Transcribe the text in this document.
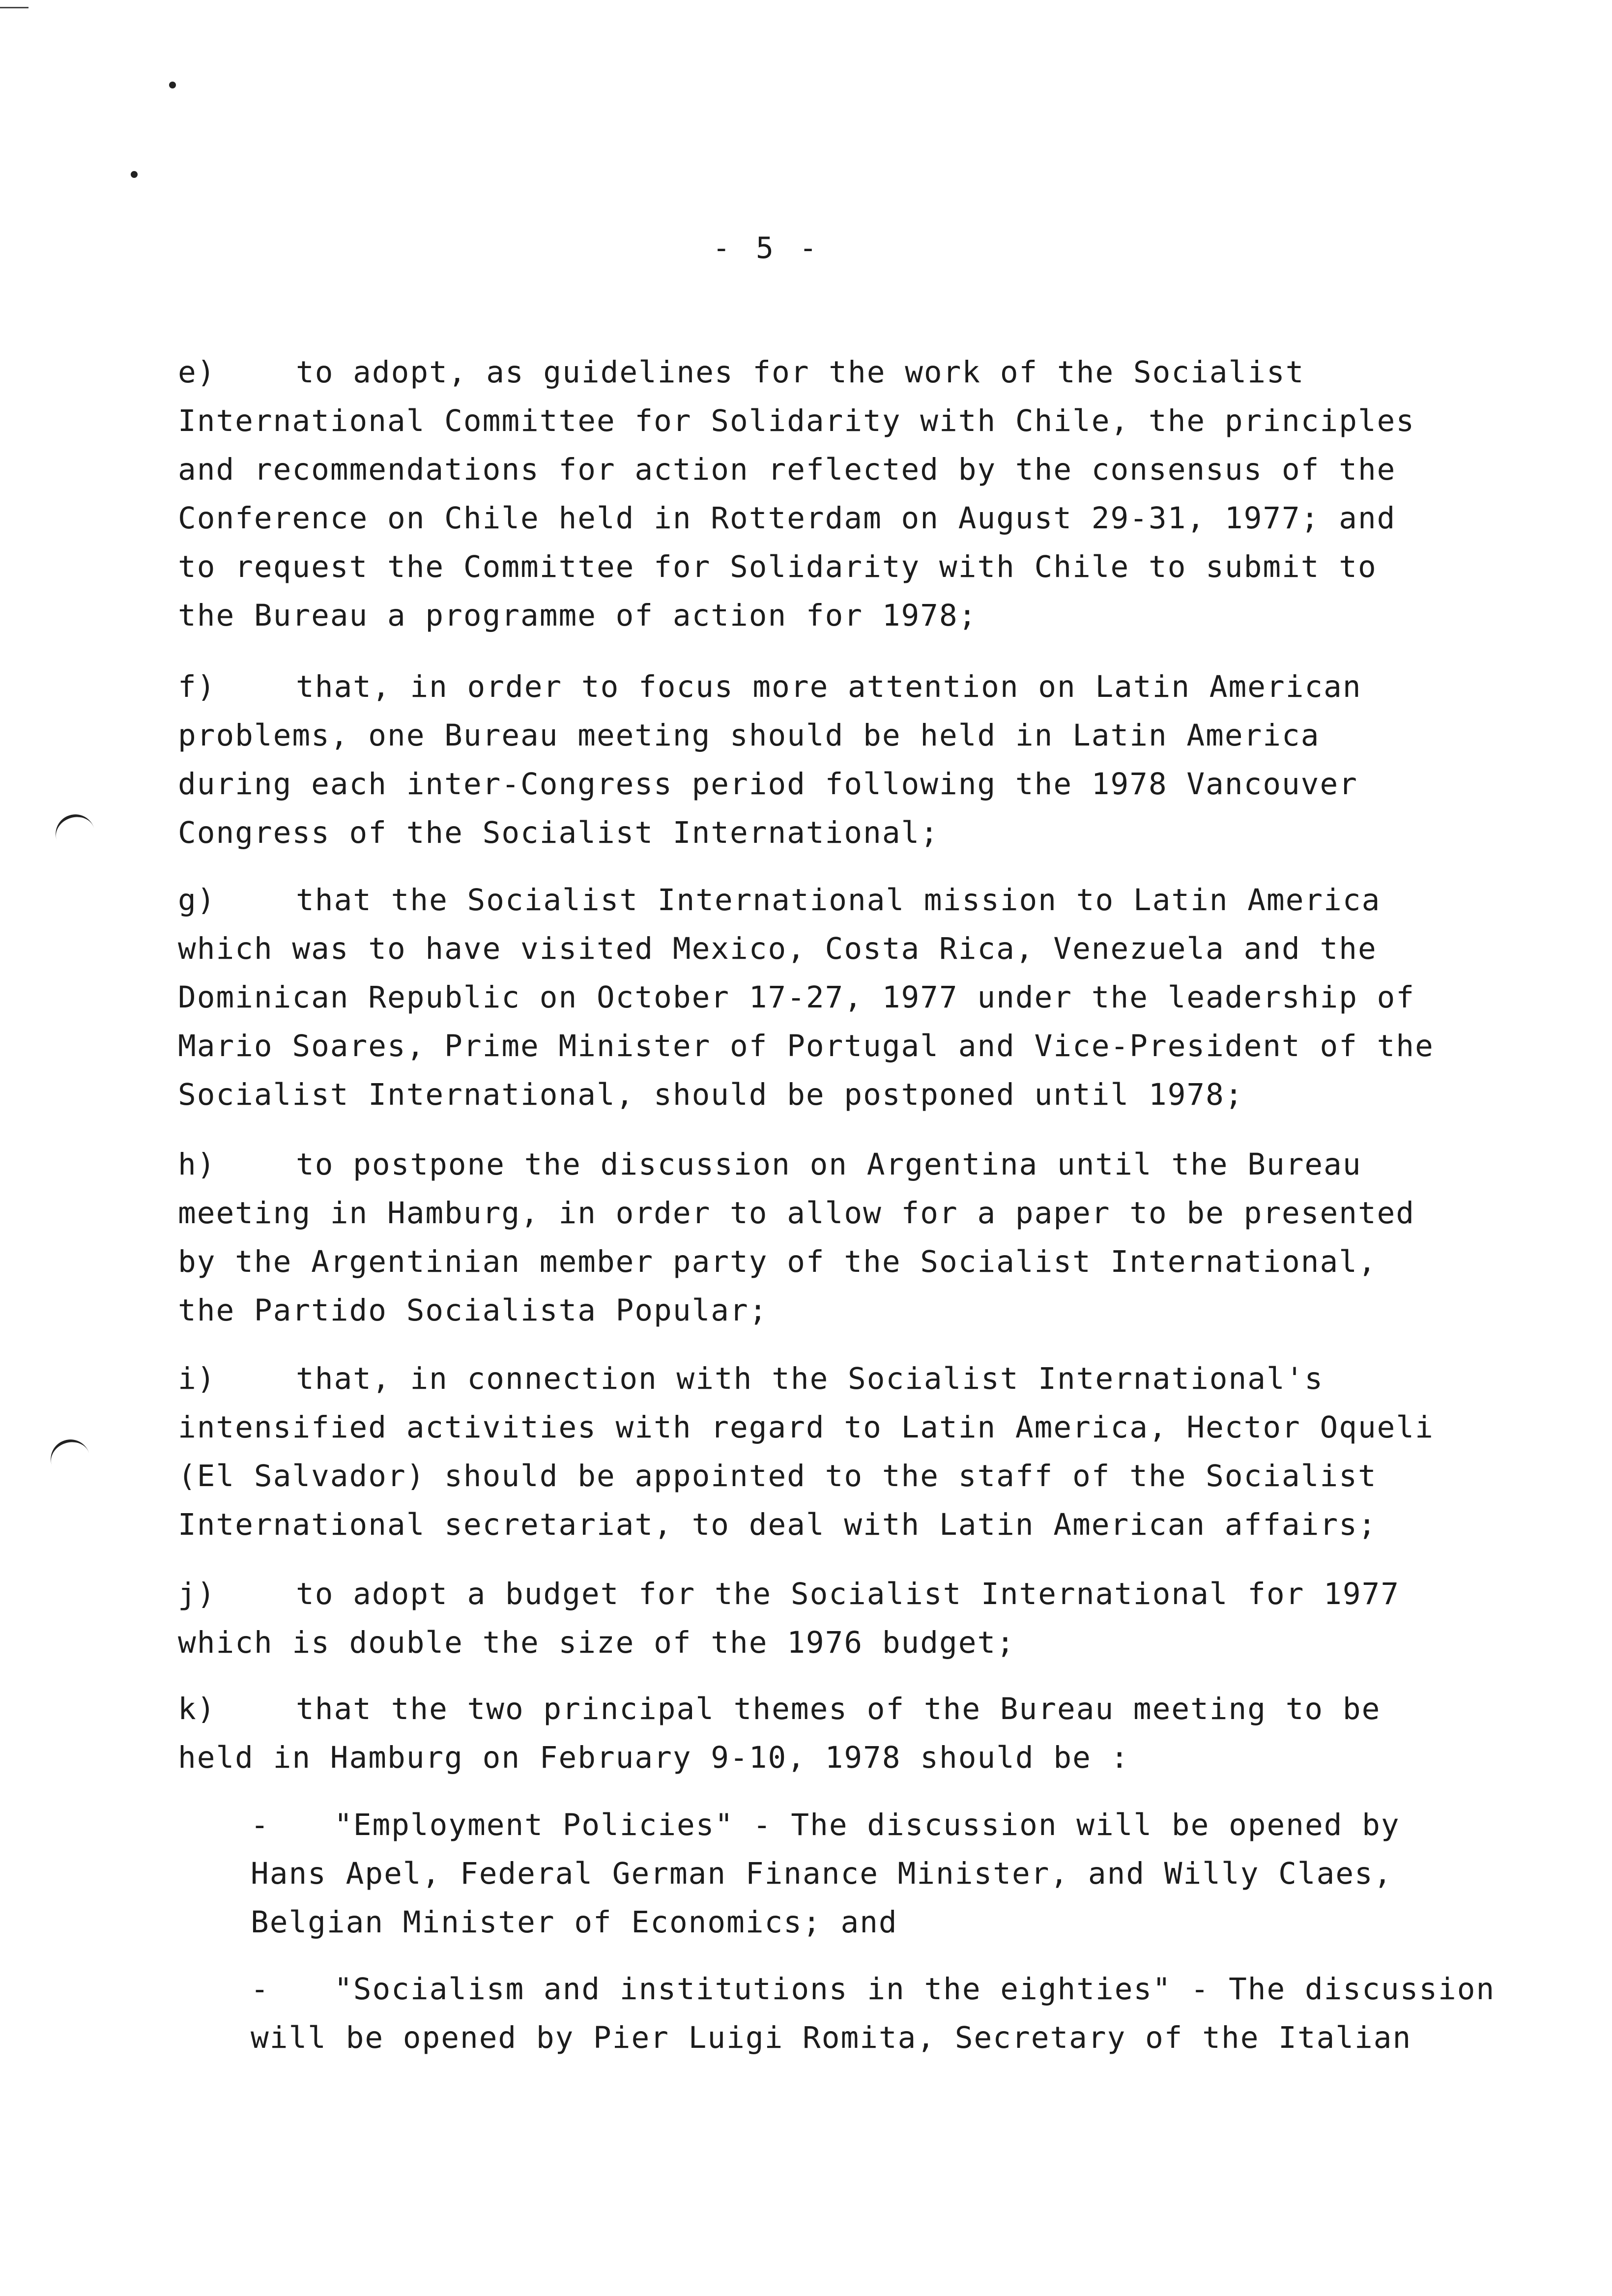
- 5 -
e)	to adopt, as guidelines for the work of the Socialist
International Committee for Solidarity with Chile, the principles
and recommendations for action reflected by the consensus of the
Conference on Chile held in Rotterdam on August 29-31, 1977; and
to request the Committee for Solidarity with Chile to submit to
the Bureau a programme of action for 1978;
f)	that, in order to focus more attention on Latin American
problems, one Bureau meeting should be held in Latin America
during each inter-Congress period following the 1978 Vancouver
Congress of the Socialist International;
g)	that the Socialist International mission to Latin America
which was to have visited Mexico, Costa Rica, Venezuela and the
Dominican Republic on October 17-27, 1977 under the leadership of
Mario Soares, Prime Minister of Portugal and Vice-President of the
Socialist International, should be postponed until 1978;
h)	to postpone the discussion on Argentina until the Bureau
meeting in Hamburg, in order to allow for a paper to be presented
by the Argentinian member party of the Socialist International,
the Partido Socialista Popular;
i)	that, in connection with the Socialist International's
intensified activities with regard to Latin America, Hector Oqueli
(El Salvador) should be appointed to the staff of the Socialist
International secretariat, to deal with Latin American affairs;
j)	to adopt a budget for the Socialist International for 1977
which is double the size of the 1976 budget;
k)	that the two principal themes of the Bureau meeting to be
held in Hamburg on February 9-10, 1978 should be :
- "Employment Policies" - The discussion will be opened by
Hans Apel, Federal German Finance Minister, and Willy Claes,
Belgian Minister of Economics; and
- "Socialism and institutions in the eighties" - The discussion
will be opened by Pier Luigi Romita, Secretary of the Italian
